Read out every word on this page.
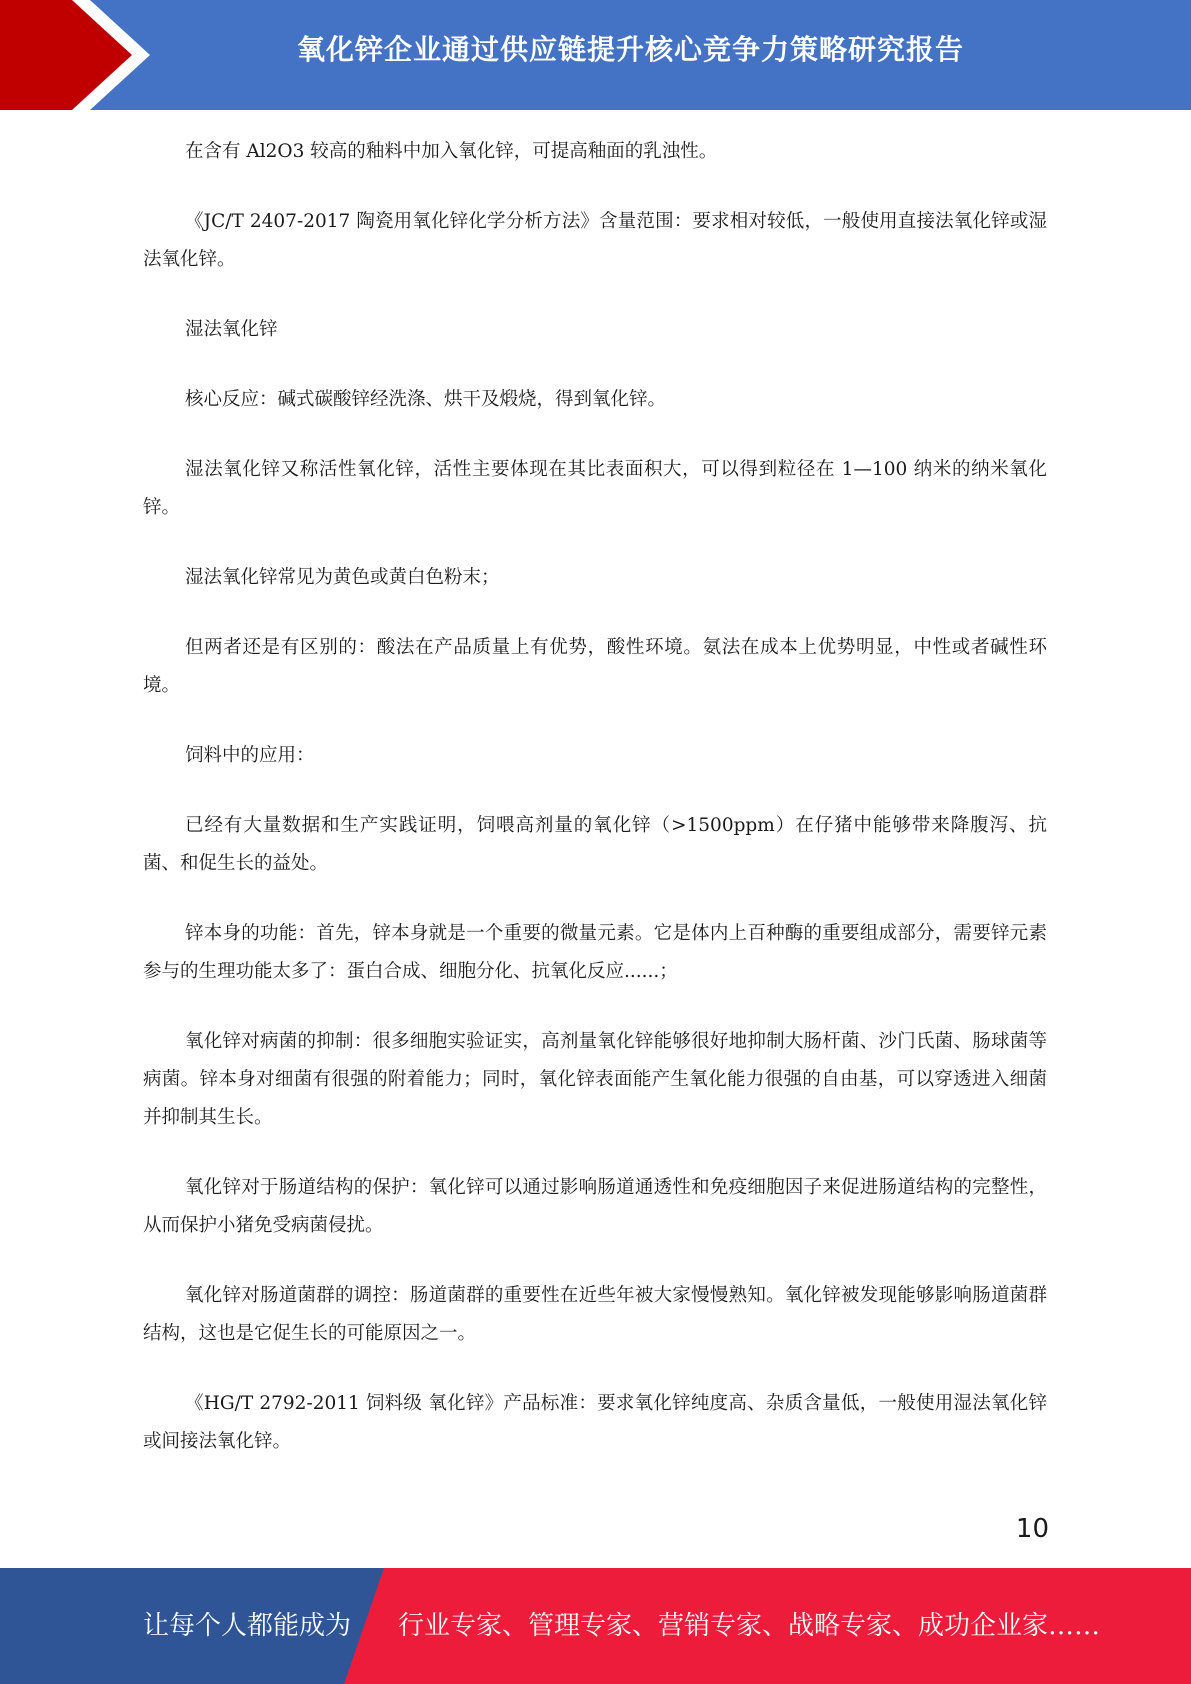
氧化锌企业通过供应链提升核心竞争力策略研究报告

在含有 Al2O3 较高的釉料中加入氧化锌，可提高釉面的乳浊性。

《JC/T 2407-2017 陶瓷用氧化锌化学分析方法》含量范围：要求相对较低，一般使用直接法氧化锌或湿法氧化锌。

湿法氧化锌

核心反应：碱式碳酸锌经洗涤、烘干及煅烧，得到氧化锌。

湿法氧化锌又称活性氧化锌，活性主要体现在其比表面积大，可以得到粒径在 1—100 纳米的纳米氧化锌。

湿法氧化锌常见为黄色或黄白色粉末；

但两者还是有区别的：酸法在产品质量上有优势，酸性环境。氨法在成本上优势明显，中性或者碱性环境。

饲料中的应用：

已经有大量数据和生产实践证明，饲喂高剂量的氧化锌（>1500ppm）在仔猪中能够带来降腹泻、抗菌、和促生长的益处。

锌本身的功能：首先，锌本身就是一个重要的微量元素。它是体内上百种酶的重要组成部分，需要锌元素参与的生理功能太多了：蛋白合成、细胞分化、抗氧化反应......；

氧化锌对病菌的抑制：很多细胞实验证实，高剂量氧化锌能够很好地抑制大肠杆菌、沙门氏菌、肠球菌等病菌。锌本身对细菌有很强的附着能力；同时，氧化锌表面能产生氧化能力很强的自由基，可以穿透进入细菌并抑制其生长。

氧化锌对于肠道结构的保护：氧化锌可以通过影响肠道通透性和免疫细胞因子来促进肠道结构的完整性，从而保护小猪免受病菌侵扰。

氧化锌对肠道菌群的调控：肠道菌群的重要性在近些年被大家慢慢熟知。氧化锌被发现能够影响肠道菌群结构，这也是它促生长的可能原因之一。

《HG/T 2792-2011 饲料级 氧化锌》产品标准：要求氧化锌纯度高、杂质含量低，一般使用湿法氧化锌或间接法氧化锌。

10
让每个人都能成为 行业专家、管理专家、营销专家、战略专家、成功企业家……
